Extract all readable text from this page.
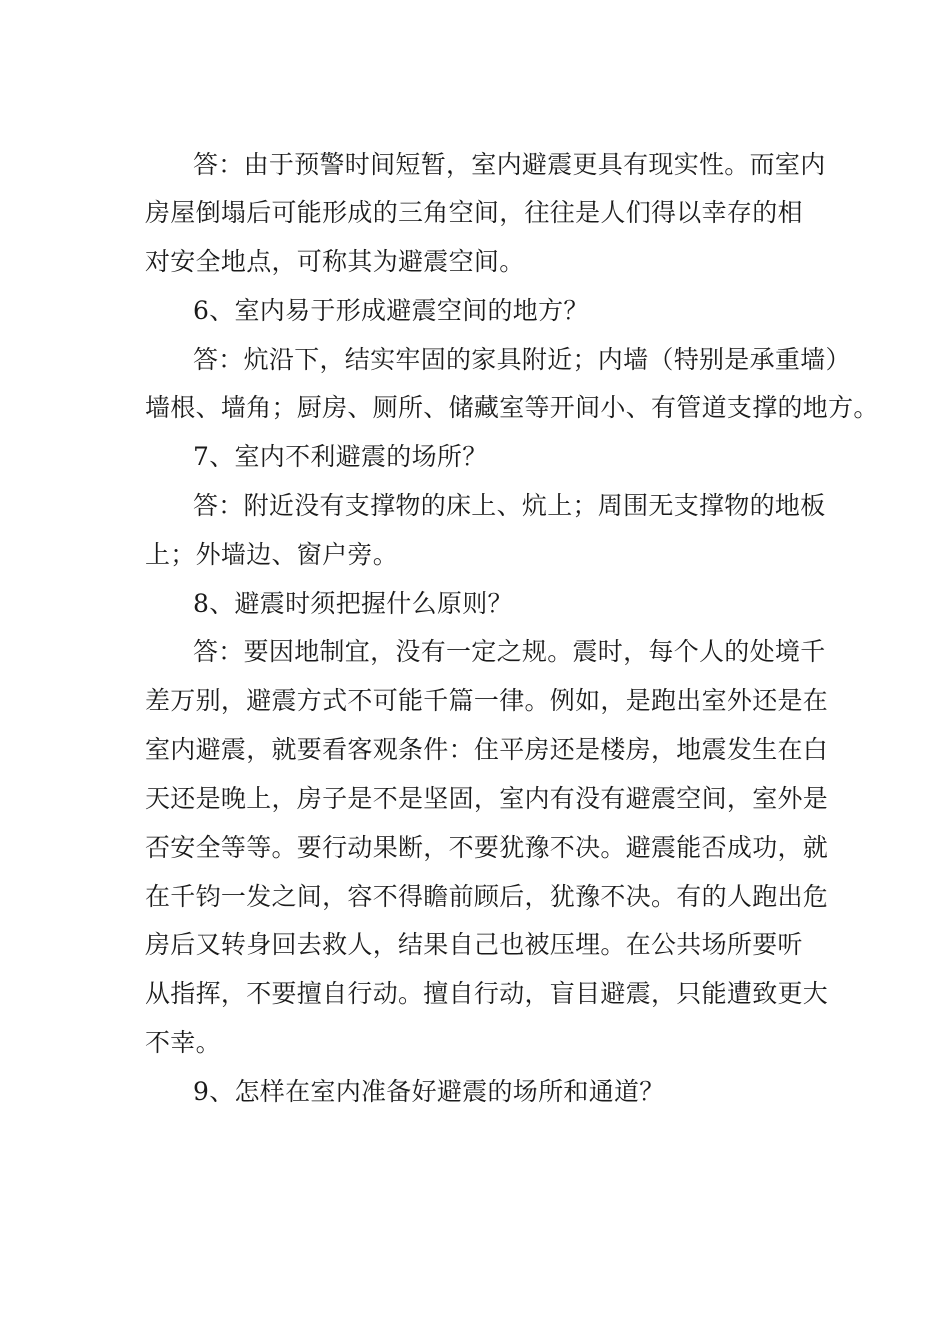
答：由于预警时间短暂，室内避震更具有现实性。而室内
房屋倒塌后可能形成的三角空间，往往是人们得以幸存的相
对安全地点，可称其为避震空间。
6、室内易于形成避震空间的地方？
答：炕沿下，结实牢固的家具附近；内墙（特别是承重墙）
墙根、墙角；厨房、厕所、储藏室等开间小、有管道支撑的地方。
7、室内不利避震的场所？
答：附近没有支撑物的床上、炕上；周围无支撑物的地板
上；外墙边、窗户旁。
8、避震时须把握什么原则？
答：要因地制宜，没有一定之规。震时，每个人的处境千
差万别，避震方式不可能千篇一律。例如，是跑出室外还是在
室内避震，就要看客观条件：住平房还是楼房，地震发生在白
天还是晚上，房子是不是坚固，室内有没有避震空间，室外是
否安全等等。要行动果断，不要犹豫不决。避震能否成功，就
在千钧一发之间，容不得瞻前顾后，犹豫不决。有的人跑出危
房后又转身回去救人，结果自己也被压埋。在公共场所要听
从指挥，不要擅自行动。擅自行动，盲目避震，只能遭致更大
不幸。
9、怎样在室内准备好避震的场所和通道？
